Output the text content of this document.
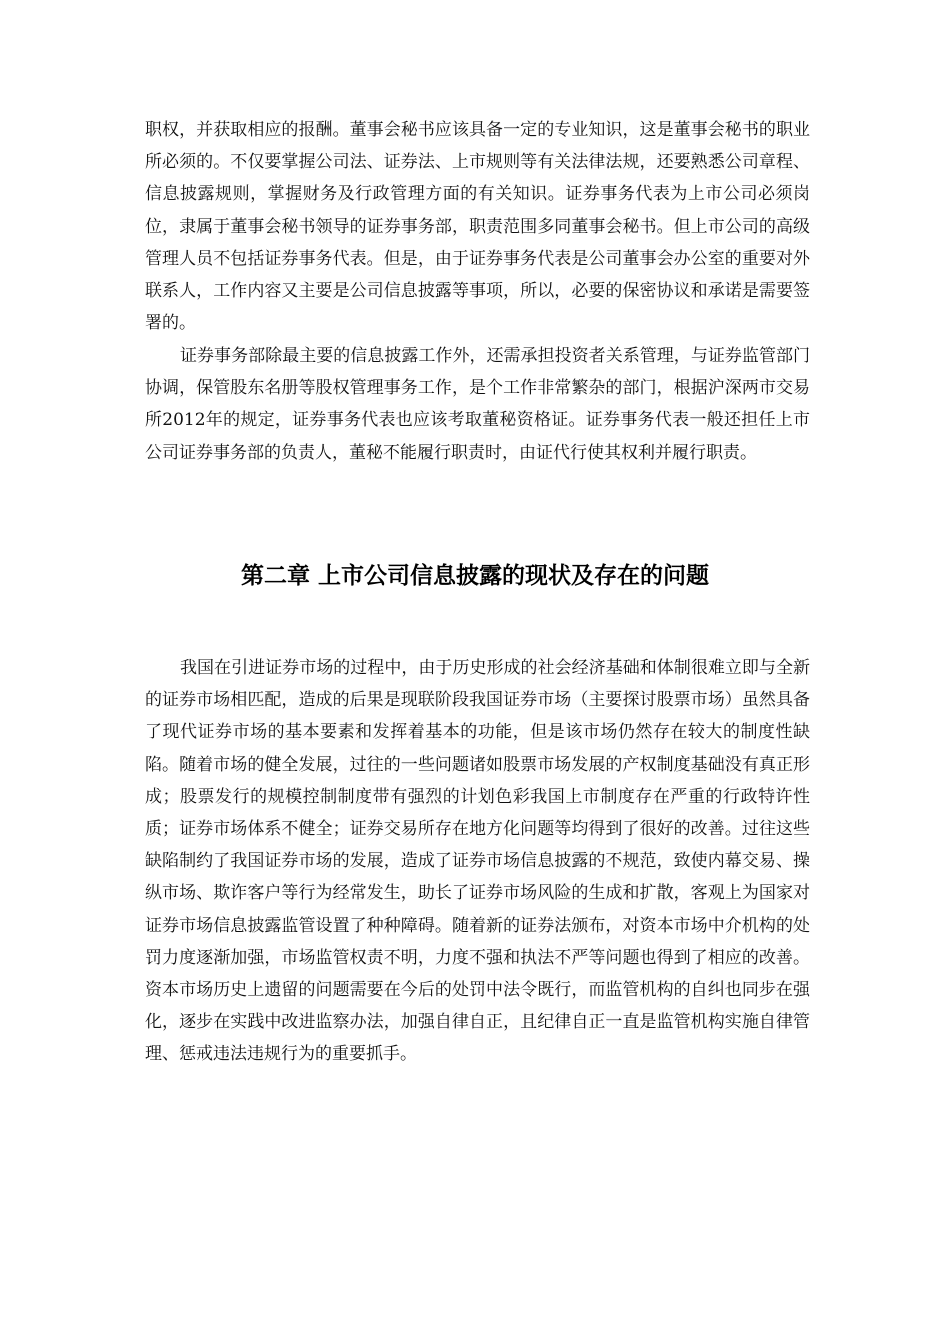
职权，并获取相应的报酬。董事会秘书应该具备一定的专业知识，这是董事会秘书的职业所必须的。不仅要掌握公司法、证券法、上市规则等有关法律法规，还要熟悉公司章程、信息披露规则，掌握财务及行政管理方面的有关知识。证券事务代表为上市公司必须岗位，隶属于董事会秘书领导的证券事务部，职责范围多同董事会秘书。但上市公司的高级管理人员不包括证券事务代表。但是，由于证券事务代表是公司董事会办公室的重要对外联系人，工作内容又主要是公司信息披露等事项，所以，必要的保密协议和承诺是需要签署的。

证券事务部除最主要的信息披露工作外，还需承担投资者关系管理，与证券监管部门协调，保管股东名册等股权管理事务工作，是个工作非常繁杂的部门，根据沪深两市交易所2012年的规定，证券事务代表也应该考取董秘资格证。证券事务代表一般还担任上市公司证券事务部的负责人，董秘不能履行职责时，由证代行使其权利并履行职责。

第二章 上市公司信息披露的现状及存在的问题

我国在引进证券市场的过程中，由于历史形成的社会经济基础和体制很难立即与全新的证券市场相匹配，造成的后果是现联阶段我国证券市场（主要探讨股票市场）虽然具备了现代证券市场的基本要素和发挥着基本的功能，但是该市场仍然存在较大的制度性缺陷。随着市场的健全发展，过往的一些问题诸如股票市场发展的产权制度基础没有真正形成；股票发行的规模控制制度带有强烈的计划色彩我国上市制度存在严重的行政特许性质；证券市场体系不健全；证券交易所存在地方化问题等均得到了很好的改善。过往这些缺陷制约了我国证券市场的发展，造成了证券市场信息披露的不规范，致使内幕交易、操纵市场、欺诈客户等行为经常发生，助长了证券市场风险的生成和扩散，客观上为国家对证券市场信息披露监管设置了种种障碍。随着新的证券法颁布，对资本市场中介机构的处罚力度逐渐加强，市场监管权责不明，力度不强和执法不严等问题也得到了相应的改善。资本市场历史上遗留的问题需要在今后的处罚中法令既行，而监管机构的自纠也同步在强化，逐步在实践中改进监察办法，加强自律自正，且纪律自正一直是监管机构实施自律管理、惩戒违法违规行为的重要抓手。
